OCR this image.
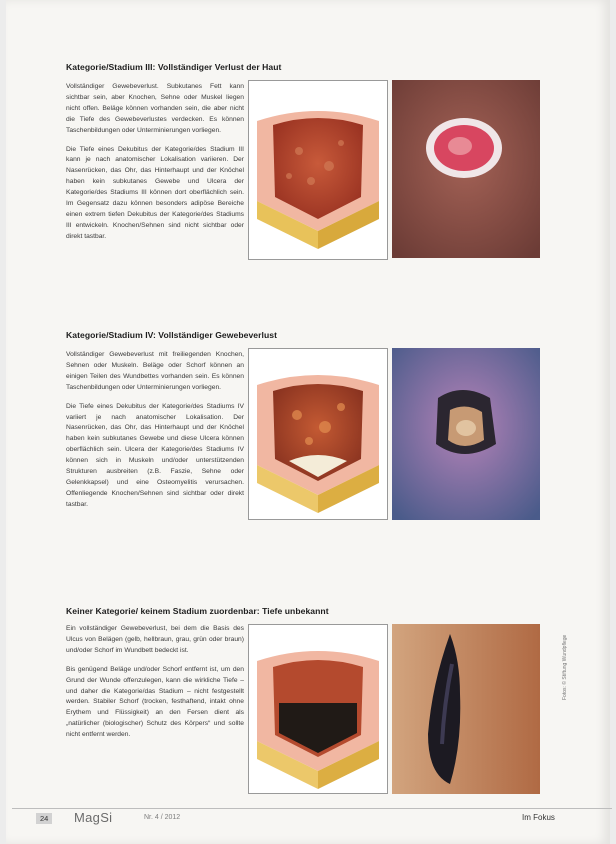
Kategorie/Stadium III: Vollständiger Verlust der Haut

Vollständiger Gewebeverlust. Subkutanes Fett kann sichtbar sein, aber Knochen, Sehne oder Muskel liegen nicht offen. Beläge können vorhanden sein, die aber nicht die Tiefe des Gewebeverlustes verdecken. Es können Taschenbildungen oder Unterminierungen vorliegen.

Die Tiefe eines Dekubitus der Kategorie/des Stadium III kann je nach anatomischer Lokalisation variieren. Der Nasenrücken, das Ohr, das Hinterhaupt und der Knöchel haben kein subkutanes Gewebe und Ulcera der Kategorie/des Stadiums III können dort oberflächlich sein. Im Gegensatz dazu können besonders adipöse Bereiche einen extrem tiefen Dekubitus der Kategorie/des Stadiums III entwickeln. Knochen/Sehnen sind nicht sichtbar oder direkt tastbar.

Kategorie/Stadium IV: Vollständiger Gewebeverlust

Vollständiger Gewebeverlust mit freiliegenden Knochen, Sehnen oder Muskeln. Beläge oder Schorf können an einigen Teilen des Wundbettes vorhanden sein. Es können Taschenbildungen oder Unterminierungen vorliegen.

Die Tiefe eines Dekubitus der Kategorie/des Stadiums IV variiert je nach anatomischer Lokalisation. Der Nasenrücken, das Ohr, das Hinterhaupt und der Knöchel haben kein subkutanes Gewebe und diese Ulcera können oberflächlich sein. Ulcera der Kategorie/des Stadiums IV können sich in Muskeln und/oder unterstützenden Strukturen ausbreiten (z.B. Faszie, Sehne oder Gelenkkapsel) und eine Osteomyelitis verursachen. Offenliegende Knochen/Sehnen sind sichtbar oder direkt tastbar.

Keiner Kategorie/ keinem Stadium zuordenbar: Tiefe unbekannt

Ein vollständiger Gewebeverlust, bei dem die Basis des Ulcus von Belägen (gelb, hellbraun, grau, grün oder braun) und/oder Schorf im Wundbett bedeckt ist.

Bis genügend Beläge und/oder Schorf entfernt ist, um den Grund der Wunde offenzulegen, kann die wirkliche Tiefe – und daher die Kategorie/das Stadium – nicht festgestellt werden. Stabiler Schorf (trocken, festhaftend, intakt ohne Erythem und Flüssigkeit) an den Fersen dient als „natürlicher (biologischer) Schutz des Körpers“ und sollte nicht entfernt werden.

Fotos: © Stiftung Wundpflege
24	MagSi	Nr. 4 / 2012	Im Fokus
